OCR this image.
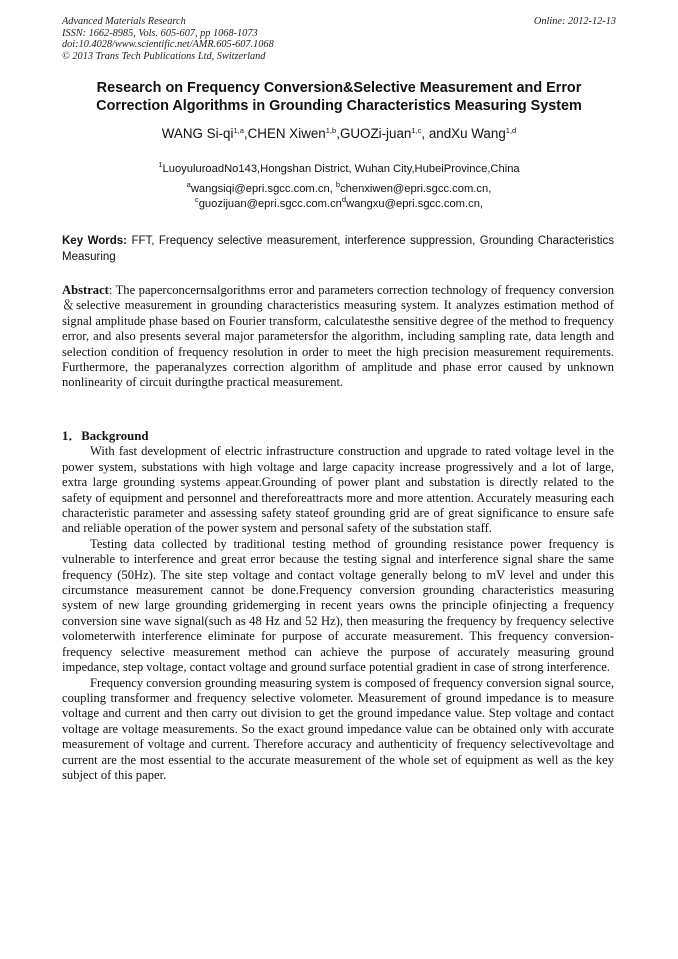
Advanced Materials Research
ISSN: 1662-8985, Vols. 605-607, pp 1068-1073
doi:10.4028/www.scientific.net/AMR.605-607.1068
© 2013 Trans Tech Publications Ltd, Switzerland
Online: 2012-12-13
Research on Frequency Conversion&Selective Measurement and Error
Correction Algorithms in Grounding Characteristics Measuring System
WANG Si-qi$^{1,a}$,CHEN Xiwen$^{1,b}$,GUOZi-juan$^{1,c}$, andXu Wang$^{1,d}$
$^1$LuoyuluroadNo143,Hongshan District, Wuhan City,HubeiProvince,China
$^a$wangsiqi@epri.sgcc.com.cn, $^b$chenxiwen@epri.sgcc.com.cn,
$^cguozijuan@epri.sgcc.com.cn^dwangxu@epri.sgcc.com.cn$,
Key Words: FFT, Frequency selective measurement, interference suppression, Grounding Characteristics Measuring
Abstract: The paperconcernsalgorithms error and parameters correction technology of frequency conversion＆selective measurement in grounding characteristics measuring system. It analyzes estimation method of signal amplitude phase based on Fourier transform, calculatesthe sensitive degree of the method to frequency error, and also presents several major parametersfor the algorithm, including sampling rate, data length and selection condition of frequency resolution in order to meet the high precision measurement requirements. Furthermore, the paperanalyzes correction algorithm of amplitude and phase error caused by unknown nonlinearity of circuit duringthe practical measurement.
1．Background

With fast development of electric infrastructure construction and upgrade to rated voltage level in the power system, substations with high voltage and large capacity increase progressively and a lot of large, extra large grounding systems appear.Grounding of power plant and substation is directly related to the safety of equipment and personnel and thereforeattracts more and more attention. Accurately measuring each characteristic parameter and assessing safety stateof grounding grid are of great significance to ensure safe and reliable operation of the power system and personal safety of the substation staff.

Testing data collected by traditional testing method of grounding resistance power frequency is vulnerable to interference and great error because the testing signal and interference signal share the same frequency (50Hz). The site step voltage and contact voltage generally belong to mV level and under this circumstance measurement cannot be done.Frequency conversion grounding characteristics measuring system of new large grounding gridemerging in recent years owns the principle ofinjecting a frequency conversion sine wave signal(such as 48 Hz and 52 Hz), then measuring the frequency by frequency selective volometerwith interference eliminate for purpose of accurate measurement. This frequency conversion-frequency selective measurement method can achieve the purpose of accurately measuring ground impedance, step voltage, contact voltage and ground surface potential gradient in case of strong interference.

Frequency conversion grounding measuring system is composed of frequency conversion signal source, coupling transformer and frequency selective volometer. Measurement of ground impedance is to measure voltage and current and then carry out division to get the ground impedance value. Step voltage and contact voltage are voltage measurements. So the exact ground impedance value can be obtained only with accurate measurement of voltage and current. Therefore accuracy and authenticity of frequency selectivevoltage and current are the most essential to the accurate measurement of the whole set of equipment as well as the key subject of this paper.
